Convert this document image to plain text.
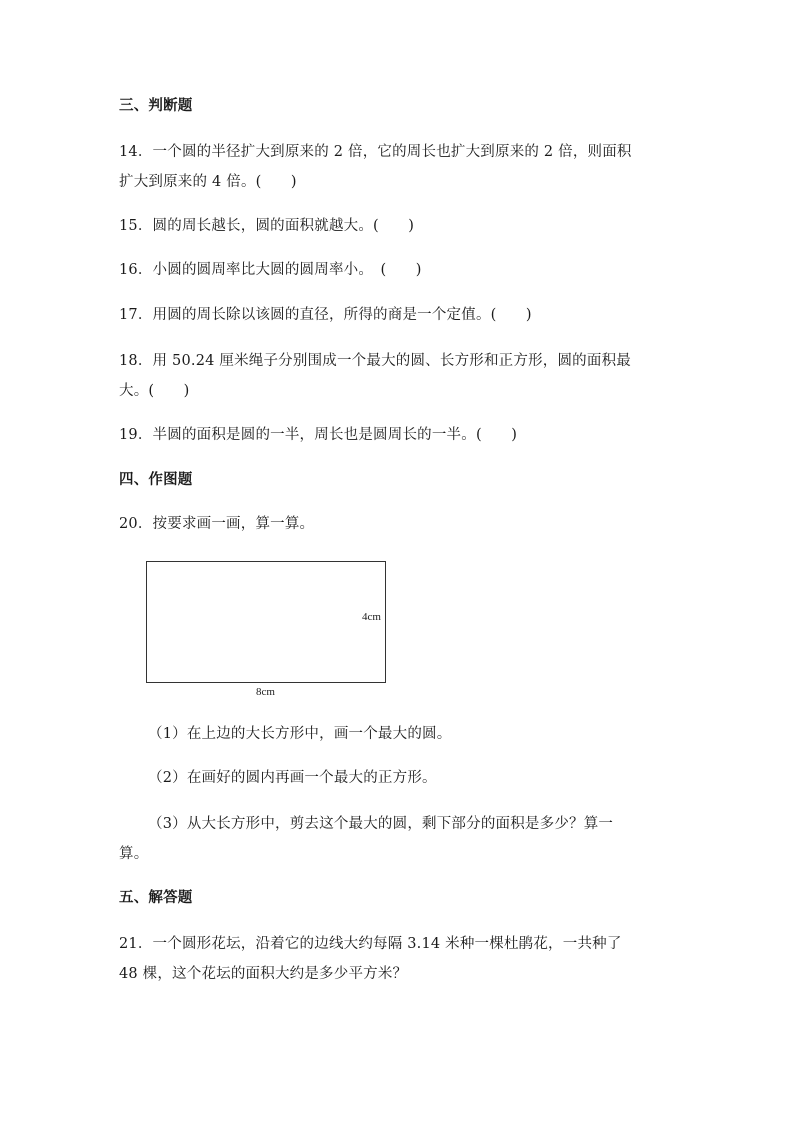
三、判断题
14．一个圆的半径扩大到原来的 2 倍，它的周长也扩大到原来的 2 倍，则面积
扩大到原来的 4 倍。(　　)
15．圆的周长越长，圆的面积就越大。(　　)
16．小圆的圆周率比大圆的圆周率小。　(　　)
17．用圆的周长除以该圆的直径，所得的商是一个定值。(　　)
18．用 50.24 厘米绳子分别围成一个最大的圆、长方形和正方形，圆的面积最
大。(　　)
19．半圆的面积是圆的一半，周长也是圆周长的一半。(　　)
四、作图题
20．按要求画一画，算一算。
4cm
8cm
（1）在上边的大长方形中，画一个最大的圆。
（2）在画好的圆内再画一个最大的正方形。
（3）从大长方形中，剪去这个最大的圆，剩下部分的面积是多少？算一
算。
五、解答题
21．一个圆形花坛，沿着它的边线大约每隔 3.14 米种一棵杜鹃花，一共种了
48 棵，这个花坛的面积大约是多少平方米？
